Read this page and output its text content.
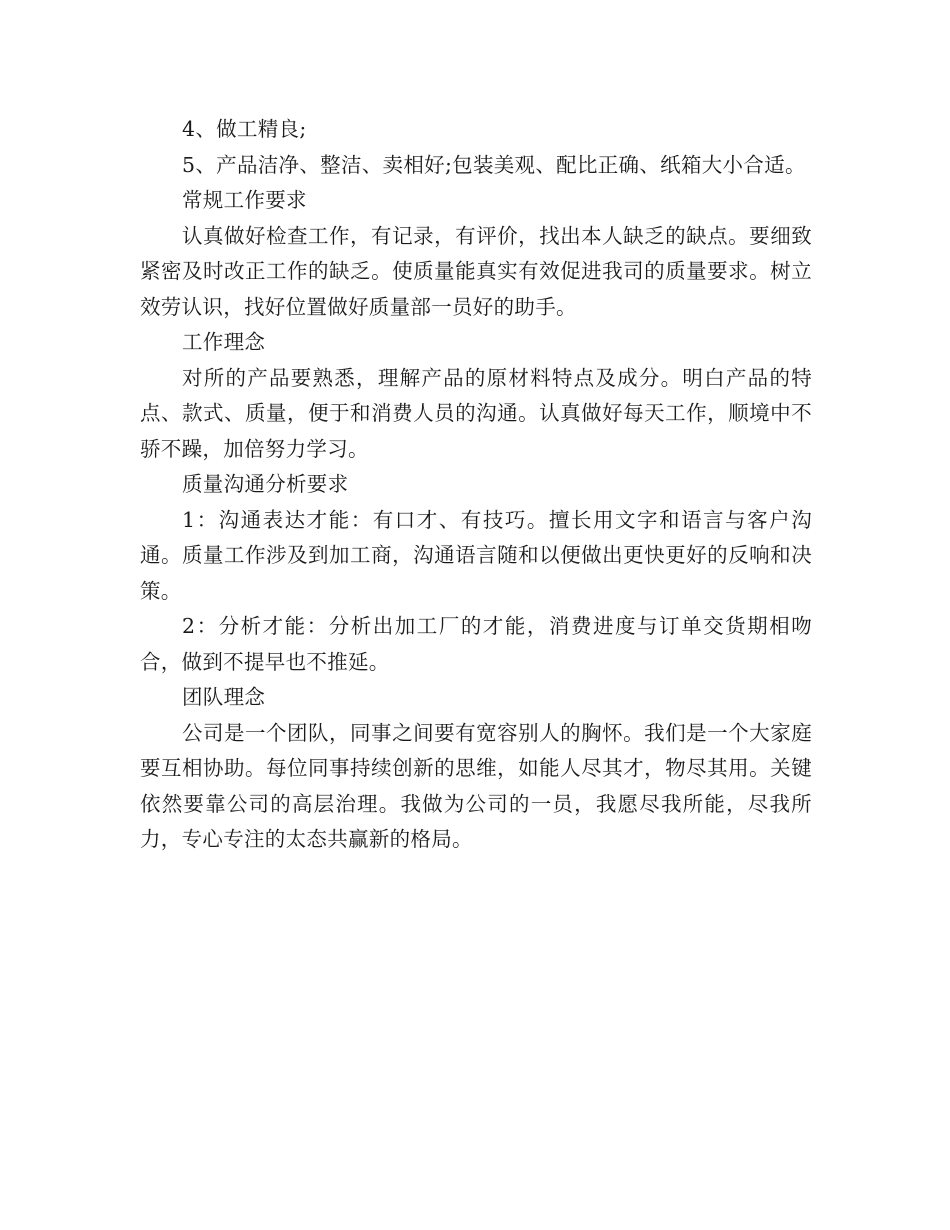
4、做工精良;

5、产品洁净、整洁、卖相好;包装美观、配比正确、纸箱大小合适。

常规工作要求

认真做好检查工作，有记录，有评价，找出本人缺乏的缺点。要细致紧密及时改正工作的缺乏。使质量能真实有效促进我司的质量要求。树立效劳认识，找好位置做好质量部一员好的助手。

工作理念

对所的产品要熟悉，理解产品的原材料特点及成分。明白产品的特点、款式、质量，便于和消费人员的沟通。认真做好每天工作，顺境中不骄不躁，加倍努力学习。

质量沟通分析要求

1：沟通表达才能：有口才、有技巧。擅长用文字和语言与客户沟通。质量工作涉及到加工商，沟通语言随和以便做出更快更好的反响和决策。

2：分析才能：分析出加工厂的才能，消费进度与订单交货期相吻合，做到不提早也不推延。

团队理念

公司是一个团队，同事之间要有宽容别人的胸怀。我们是一个大家庭要互相协助。每位同事持续创新的思维，如能人尽其才，物尽其用。关键依然要靠公司的高层治理。我做为公司的一员，我愿尽我所能，尽我所力，专心专注的太态共赢新的格局。
